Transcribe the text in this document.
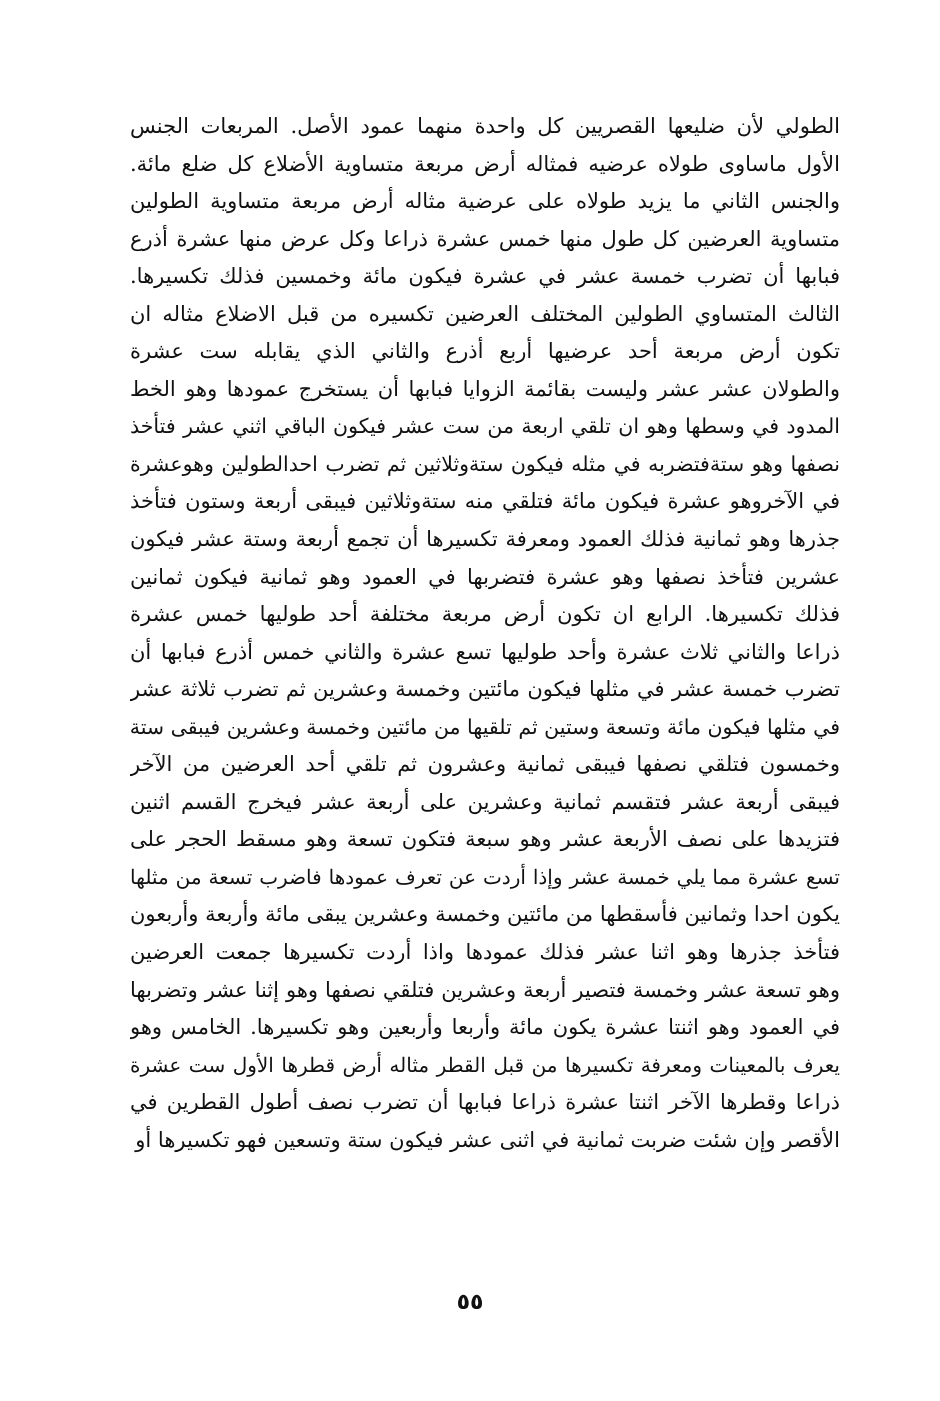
الطولي لأن ضليعها القصريين كل واحدة منهما عمود الأصل. المربعات الجنس
الأول ماساوى طولاه عرضيه فمثاله أرض مربعة متساوية الأضلاع كل ضلع مائة.
والجنس الثاني ما يزيد طولاه على عرضية مثاله أرض مربعة متساوية الطولين
متساوية العرضين كل طول منها خمس عشرة ذراعا وكل عرض منها عشرة أذرع
فبابها أن تضرب خمسة عشر في عشرة فيكون مائة وخمسين فذلك تكسيرها.
الثالث المتساوي الطولين المختلف العرضين تكسيره من قبل الاضلاع مثاله ان
تكون أرض مربعة أحد عرضيها أربع أذرع والثاني الذي يقابله ست عشرة
والطولان عشر عشر وليست بقائمة الزوايا فبابها أن يستخرج عمودها وهو الخط
المدود في وسطها وهو ان تلقي اربعة من ست عشر فيكون الباقي اثني عشر فتأخذ
نصفها وهو ستةفتضربه في مثله فيكون ستةوثلاثين ثم تضرب احدالطولين وهوعشرة
في الآخروهو عشرة فيكون مائة فتلقي منه ستةوثلاثين فيبقى أربعة وستون فتأخذ
جذرها وهو ثمانية فذلك العمود ومعرفة تكسيرها أن تجمع أربعة وستة عشر فيكون
عشرين فتأخذ نصفها وهو عشرة فتضربها في العمود وهو ثمانية فيكون ثمانين
فذلك تكسيرها. الرابع ان تكون أرض مربعة مختلفة أحد طوليها خمس عشرة
ذراعا والثاني ثلاث عشرة وأحد طوليها تسع عشرة والثاني خمس أذرع فبابها أن
تضرب خمسة عشر في مثلها فيكون مائتين وخمسة وعشرين ثم تضرب ثلاثة عشر
في مثلها فيكون مائة وتسعة وستين ثم تلقيها من مائتين وخمسة وعشرين فيبقى ستة
وخمسون فتلقي نصفها فيبقى ثمانية وعشرون ثم تلقي أحد العرضين من الآخر
فيبقى أربعة عشر فتقسم ثمانية وعشرين على أربعة عشر فيخرج القسم اثنين
فتزيدها على نصف الأربعة عشر وهو سبعة فتكون تسعة وهو مسقط الحجر على
تسع عشرة مما يلي خمسة عشر وإذا أردت عن تعرف عمودها فاضرب تسعة من مثلها
يكون احدا وثمانين فأسقطها من مائتين وخمسة وعشرين يبقى مائة وأربعة وأربعون
فتأخذ جذرها وهو اثنا عشر فذلك عمودها واذا أردت تكسيرها جمعت العرضين
وهو تسعة عشر وخمسة فتصير أربعة وعشرين فتلقي نصفها وهو إثنا عشر وتضربها
في العمود وهو اثنتا عشرة يكون مائة وأربعا وأربعين وهو تكسيرها. الخامس وهو
يعرف بالمعينات ومعرفة تكسيرها من قبل القطر مثاله أرض قطرها الأول ست عشرة
ذراعا وقطرها الآخر اثنتا عشرة ذراعا فبابها أن تضرب نصف أطول القطرين في
الأقصر وإن شئت ضربت ثمانية في اثنى عشر فيكون ستة وتسعين فهو تكسيرها أو
٥٥
